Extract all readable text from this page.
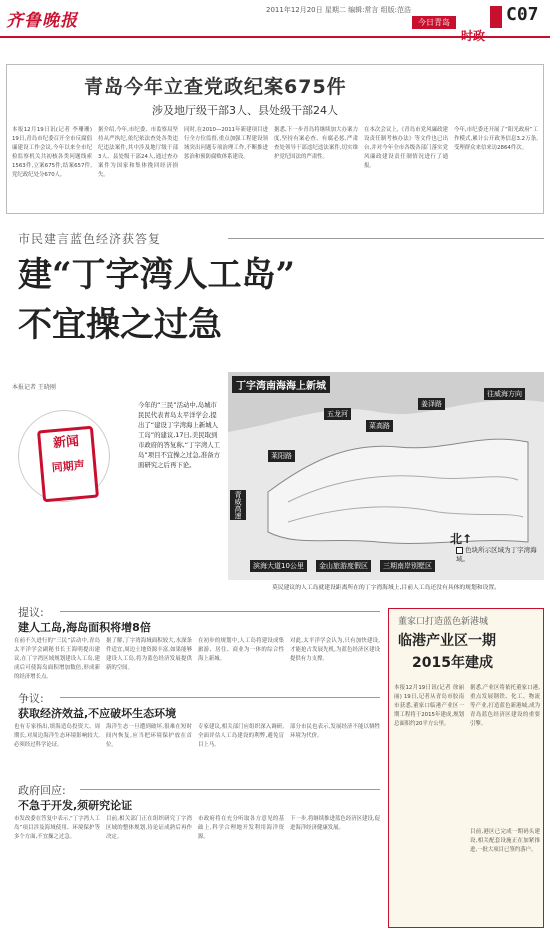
齐鲁晚报
2011年12月20日 星期二 编辑:常言 组版:范浩
今日青岛
时政
C07
青岛今年立查党政纪案675件
涉及地厅级干部3人、县处级干部24人
本报12月19日讯(记者 李珊珊) 19日,青岛市纪委召开全市反腐倡廉建设工作会议,今年以来全市纪检监察机关共初核各类问题线索1563件,立案675件,结案657件,党纪政纪处分670人。
据介绍,今年,市纪委、市监察局坚持从严执纪,依纪依法查处各类违纪违法案件,其中涉及地厅级干部3人、县处级干部24人,通过查办案件为国家和集体挽回经济损失。
同时,在2010—2011年新建项目进行全方位监督,重点加强工程建设领域突出问题专项治理工作,不断推进惩治和预防腐败体系建设。
据悉,下一步青岛将继续加大办案力度,坚持有案必查、有腐必惩,严肃查处领导干部违纪违法案件,切实维护党纪国法的严肃性。
在本次会议上,《青岛市党风廉政建设责任制考核办法》等文件也已出台,并对今年全市各级各部门落实党风廉政建设责任制情况进行了通报。
今年,市纪委还开展了“阳光政府”工作模式,累计公开政务信息3.2万条,受理群众来信来访2864件次。
市民建言蓝色经济获答复
建“丁字湾人工岛”
不宜操之过急
本报记者 王晓刚
新闻
同期声
今年的“三民”活动中,岛城市民民代表青岛太平洋学会,提出了“建设丁字湾海上新城人工岛”的建议,17日,美民取到市政府的答复称,“丁字湾人工岛”项目不宜操之过急,准备方面研究之后再下论。
丁字湾南海海上新城
五龙河
姜泽路
往威海方向
菜高路
莱阳路
青威高速
滨海大道10公里	金山旅游度假区	三期南岸别墅区
色块所示区域为丁字湾海域。
北↑
莫民建议的人工岛就建设距离所在的丁字湾海域上,目前人工岛还没有具体的规划和设置。
提议:
建人工岛,海岛面积将增8倍
在前不久进行的“三民”活动中,青岛太平洋学会副秘书长王海明提出建议,在丁字湾区域规划建设人工岛,建成后可使海岛面积增加数倍,形成新的经济增长点。
据了解,丁字湾海域面积较大,水深条件适宜,周边土地资源丰富,如果能够建设人工岛,将为蓝色经济发展提供新的空间。
在初步的规划中,人工岛将建设成集旅游、居住、商业为一体的综合性海上新城。
对此,太平洋学会认为,只有加快建设,才能抢占发展先机,为蓝色经济区建设提供有力支撑。
争议:
获取经济效益,不应破坏生态环境
也有专家指出,填海造岛投资大、周期长,对周边海洋生态环境影响较大,必须经过科学论证。
海洋生态一旦遭到破坏,很难在短时间内恢复,应当把环境保护放在首位。
专家建议,相关部门应组织深入调研,全面评估人工岛建设的利弊,避免盲目上马。
部分市民也表示,发展经济不能以牺牲环境为代价。
政府回应:
不急于开发,须研究论证
市发改委在答复中表示,“丁字湾人工岛”项目涉及海域使用、环境保护等多个方面,不宜操之过急。
目前,相关部门正在组织研究丁字湾区域的整体规划,待论证成熟后再作决定。
市政府将在充分听取各方意见的基础上,科学合理地开发利用海洋资源。
下一步,将继续推进蓝色经济区建设,促进海洋经济健康发展。
董家口打造蓝色新港城
临港产业区一期
2015年建成
本报12月19日讯(记者 徐丽丽) 19日,记者从青岛市胶南市获悉,董家口临港产业区一期工程将于2015年建成,规划总面积约20平方公里。
据悉,产业区将依托董家口港,重点发展钢铁、化工、物流等产业,打造蓝色新港城,成为青岛蓝色经济区建设的重要引擎。
目前,港区已完成一期码头建设,相关配套设施正在加紧推进,一批大项目已签约落户。
